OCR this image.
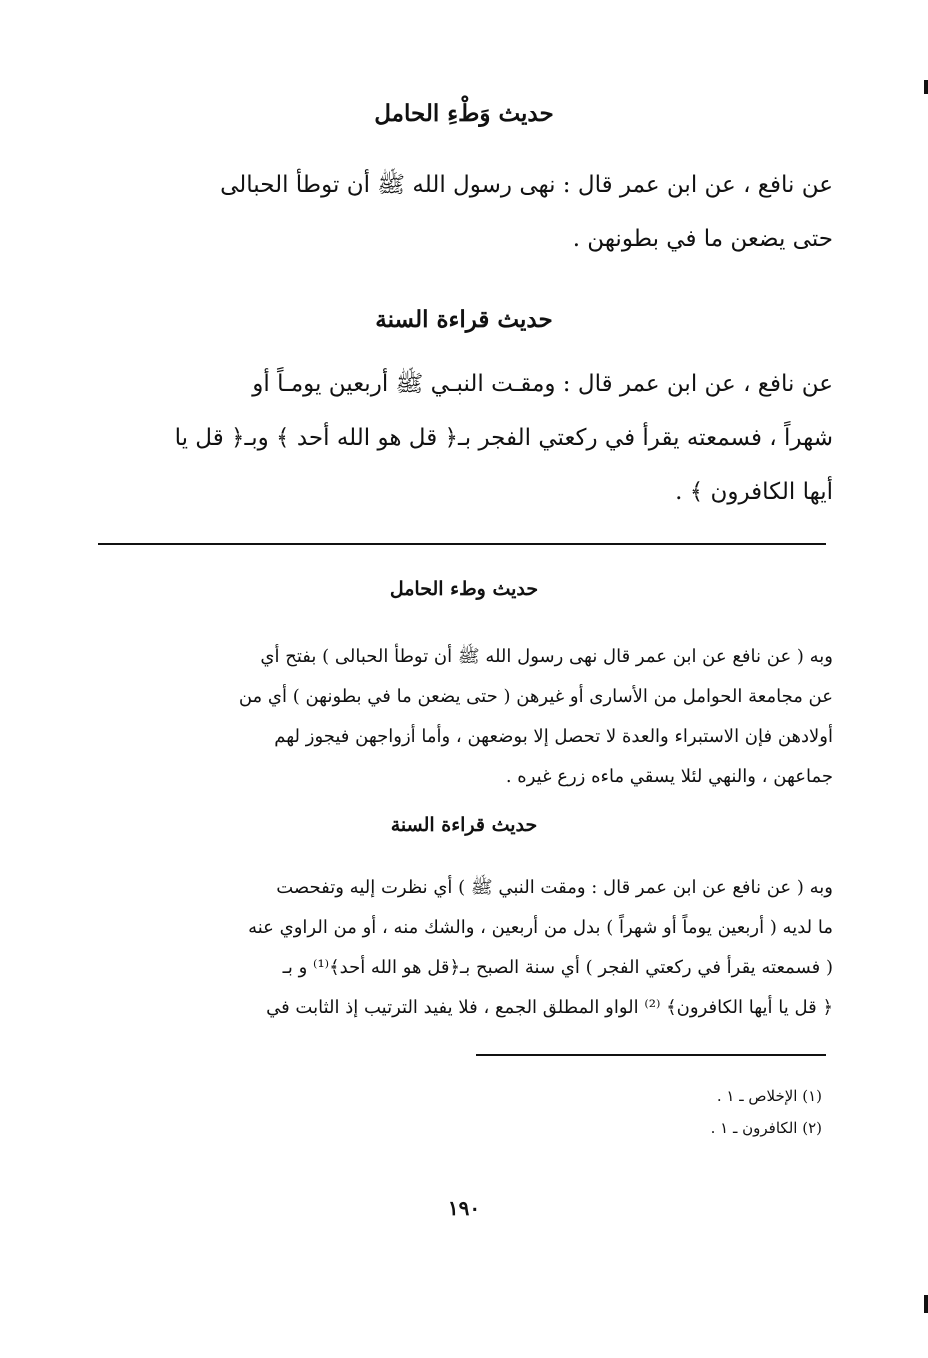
حديث وَطْءِ الحامل
عن نافع ، عن ابن عمر قال : نهى رسول الله ﷺ أن توطأ الحبالى
حتى يضعن ما في بطونهن .
حديث قراءة السنة
عن نافع ، عن ابن عمر قال : ومقـت النبـي ﷺ أربعين يومـاً أو
شهراً ، فسمعته يقرأ في ركعتي الفجر بـ﴿ قل هو الله أحد ﴾ وبـ﴿ قل يا
أيها الكافرون ﴾ .
حديث وطء الحامل
وبه ( عن نافع عن ابن عمر قال نهى رسول الله ﷺ أن توطأ الحبالى ) بفتح أي
عن مجامعة الحوامل من الأسارى أو غيرهن ( حتى يضعن ما في بطونهن ) أي من
أولادهن فإن الاستبراء والعدة لا تحصل إلا بوضعهن ، وأما أزواجهن فيجوز لهم
جماعهن ، والنهي لئلا يسقي ماءه زرع غيره .
حديث قراءة السنة
وبه ( عن نافع عن ابن عمر قال : ومقت النبي ﷺ ) أي نظرت إليه وتفحصت
ما لديه ( أربعين يوماً أو شهراً ) بدل من أربعين ، والشك منه ، أو من الراوي عنه
( فسمعته يقرأ في ركعتي الفجر ) أي سنة الصبح بـ﴿قل هو الله أحد﴾⁽¹⁾ و بـ
﴿ قل يا أيها الكافرون﴾ ⁽²⁾ الواو المطلق الجمع ، فلا يفيد الترتيب إذ الثابت في
(١) الإخلاص ـ ١ .
(٢) الكافرون ـ ١ .
١٩٠
